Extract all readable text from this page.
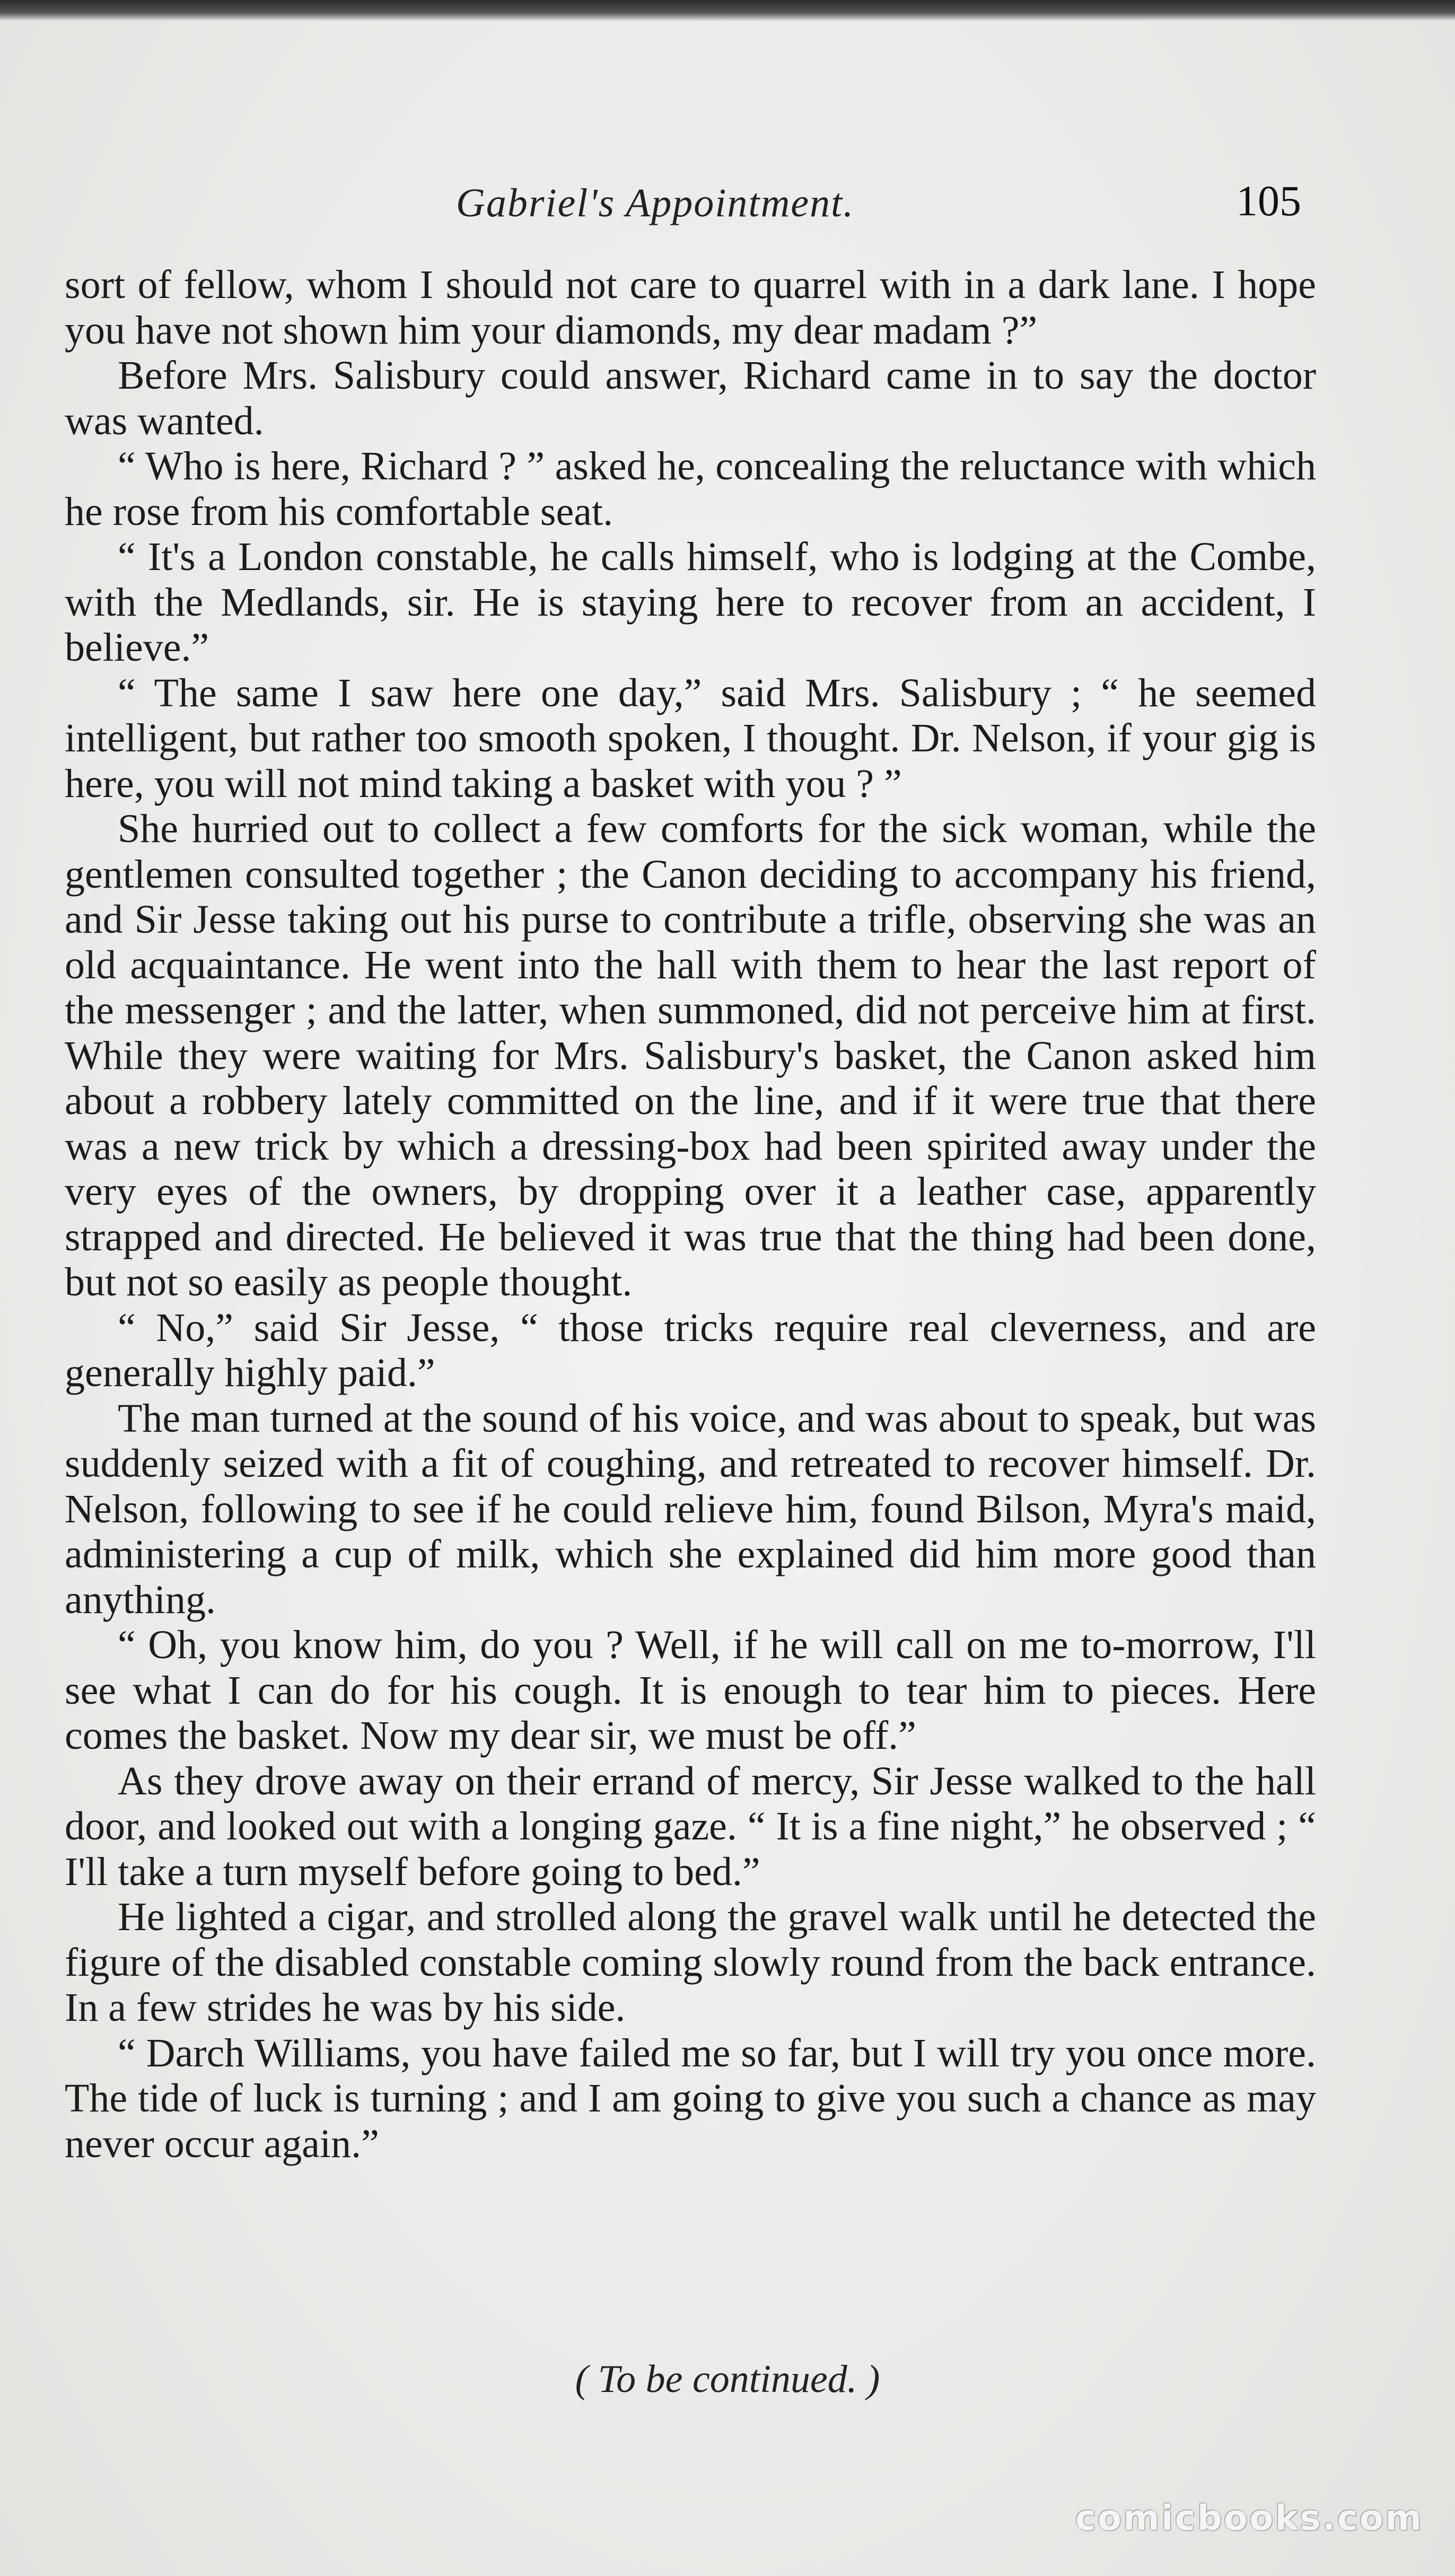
Gabriel's Appointment.	105

sort of fellow, whom I should not care to quarrel with in a dark lane. I hope you have not shown him your diamonds, my dear madam ?”

Before Mrs. Salisbury could answer, Richard came in to say the doctor was wanted.

“ Who is here, Richard ? ” asked he, concealing the reluctance with which he rose from his comfortable seat.

“ It's a London constable, he calls himself, who is lodging at the Combe, with the Medlands, sir. He is staying here to recover from an accident, I believe.”

“ The same I saw here one day,” said Mrs. Salisbury ; “ he seemed intelligent, but rather too smooth spoken, I thought. Dr. Nelson, if your gig is here, you will not mind taking a basket with you ? ”

She hurried out to collect a few comforts for the sick woman, while the gentlemen consulted together ; the Canon deciding to accompany his friend, and Sir Jesse taking out his purse to contribute a trifle, observing she was an old acquaintance. He went into the hall with them to hear the last report of the messenger ; and the latter, when summoned, did not perceive him at first. While they were waiting for Mrs. Salisbury's basket, the Canon asked him about a robbery lately committed on the line, and if it were true that there was a new trick by which a dressing-box had been spirited away under the very eyes of the owners, by dropping over it a leather case, apparently strapped and directed. He believed it was true that the thing had been done, but not so easily as people thought.

“ No,” said Sir Jesse, “ those tricks require real cleverness, and are generally highly paid.”

The man turned at the sound of his voice, and was about to speak, but was suddenly seized with a fit of coughing, and retreated to recover himself. Dr. Nelson, following to see if he could relieve him, found Bilson, Myra's maid, administering a cup of milk, which she explained did him more good than anything.

“ Oh, you know him, do you ? Well, if he will call on me to-morrow, I'll see what I can do for his cough. It is enough to tear him to pieces. Here comes the basket. Now my dear sir, we must be off.”

As they drove away on their errand of mercy, Sir Jesse walked to the hall door, and looked out with a longing gaze. “ It is a fine night,” he observed ; “ I'll take a turn myself before going to bed.”

He lighted a cigar, and strolled along the gravel walk until he detected the figure of the disabled constable coming slowly round from the back entrance. In a few strides he was by his side.

“ Darch Williams, you have failed me so far, but I will try you once more. The tide of luck is turning ; and I am going to give you such a chance as may never occur again.”

( To be continued. )
comicbooks.com
